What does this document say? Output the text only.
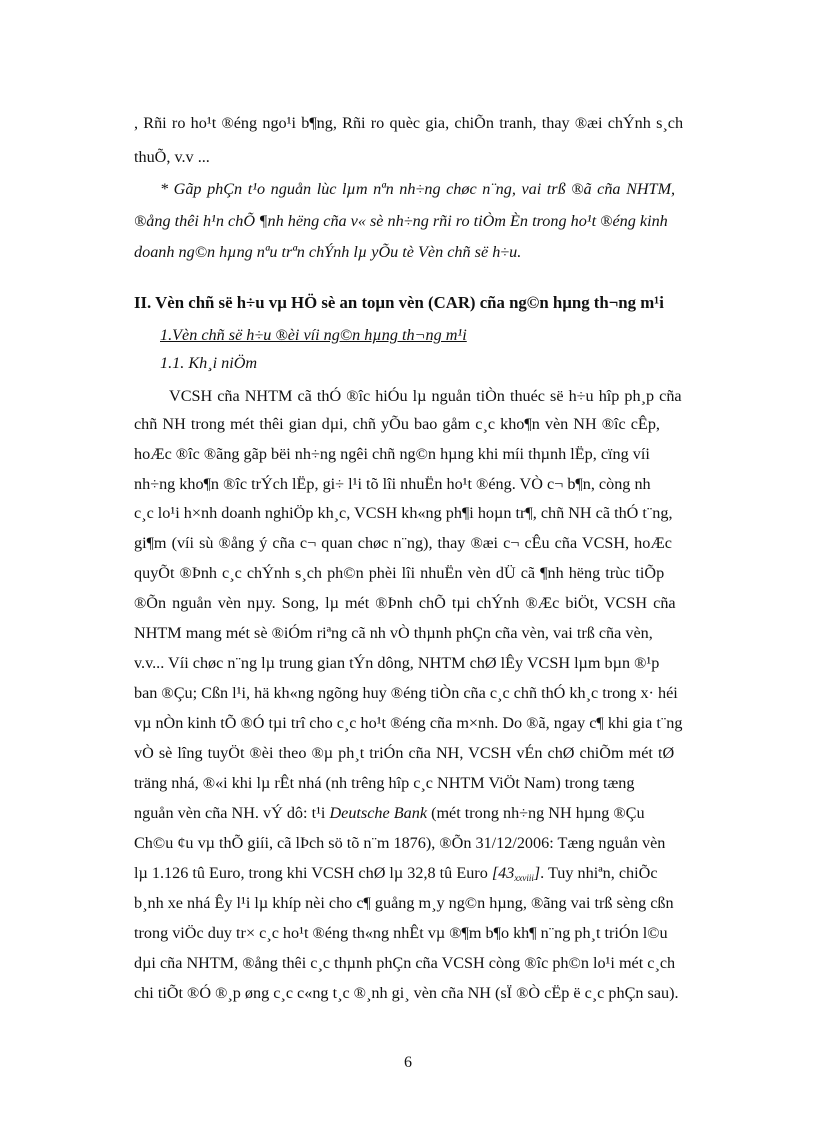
, Rñi ro ho¹t ®éng ngo¹i b¶ng, Rñi ro quèc gia, chiÕn tranh, thay ®æi chÝnh s¸ch
thuÕ, v.v ...
* Gãp phÇn t¹o nguån lùc lµm nªn nh÷ng chøc n¨ng, vai trß ®ã cña NHTM,
®ång thêi h¹n chÕ ¶nh hëng cña v« sè nh÷ng rñi ro tiÒm Èn trong ho¹t ®éng kinh
doanh ng©n hµng nªu trªn chÝnh lµ yÕu tè Vèn chñ së h÷u.
II. Vèn chñ së h÷u vµ HÖ sè an toµn vèn (CAR) cña ng©n hµng th¬ng m¹i
1.Vèn chñ së h÷u ®èi víi ng©n hµng th¬ng m¹i
1.1. Kh¸i niÖm
VCSH cña NHTM cã thÓ ®îc hiÓu lµ nguån tiÒn thuéc së h÷u hîp ph¸p cña
chñ NH trong mét thêi gian dµi, chñ yÕu bao gåm c¸c kho¶n vèn NH ®îc cÊp,
hoÆc ®îc ®ãng gãp bëi nh÷ng ngêi chñ ng©n hµng khi míi thµnh lËp, cïng víi
nh÷ng kho¶n ®îc trÝch lËp, gi÷ l¹i tõ lîi nhuËn ho¹t ®éng. VÒ c¬ b¶n, còng nh
c¸c lo¹i h×nh doanh nghiÖp kh¸c, VCSH kh«ng ph¶i hoµn tr¶, chñ NH cã thÓ t¨ng,
gi¶m (víi sù ®ång ý cña c¬ quan chøc n¨ng), thay ®æi c¬ cÊu cña VCSH, hoÆc
quyÕt ®Þnh c¸c chÝnh s¸ch ph©n phèi lîi nhuËn vèn dÜ cã ¶nh hëng trùc tiÕp
®Õn nguån vèn nµy. Song, lµ mét ®Þnh chÕ tµi chÝnh ®Æc biÖt, VCSH cña
NHTM mang mét sè ®iÓm riªng cã nh vÒ thµnh phÇn cña vèn, vai trß cña vèn,
v.v... Víi chøc n¨ng lµ trung gian tÝn dông, NHTM chØ lÊy VCSH lµm bµn ®¹p
ban ®Çu; Cßn l¹i, hä kh«ng ngõng huy ®éng tiÒn cña c¸c chñ thÓ kh¸c trong x· héi
vµ nÒn kinh tÕ ®Ó tµi trî cho c¸c ho¹t ®éng cña m×nh. Do ®ã, ngay c¶ khi gia t¨ng
vÒ sè lîng tuyÖt ®èi theo ®µ ph¸t triÓn cña NH, VCSH vÉn chØ chiÕm mét tØ
träng nhá, ®«i khi lµ rÊt nhá (nh trêng hîp c¸c NHTM ViÖt Nam) trong tæng
nguån vèn cña NH. vÝ dô: t¹i Deutsche Bank (mét trong nh÷ng NH hµng ®Çu
Ch©u ¢u vµ thÕ giíi, cã lÞch sö tõ n¨m 1876), ®Õn 31/12/2006: Tæng nguån vèn
lµ 1.126 tû Euro, trong khi VCSH chØ lµ 32,8 tû Euro $[43_{xxviii}]$. Tuy nhiªn, chiÕc
b¸nh xe nhá Êy l¹i lµ khíp nèi cho c¶ guång m¸y ng©n hµng, ®ãng vai trß sèng cßn
trong viÖc duy tr× c¸c ho¹t ®éng th«ng nhÊt vµ ®¶m b¶o kh¶ n¨ng ph¸t triÓn l©u
dµi cña NHTM, ®ång thêi c¸c thµnh phÇn cña VCSH còng ®îc ph©n lo¹i mét c¸ch
chi tiÕt ®Ó ®¸p øng c¸c c«ng t¸c ®¸nh gi¸ vèn cña NH (sÏ ®Ò cËp ë c¸c phÇn sau).
6
